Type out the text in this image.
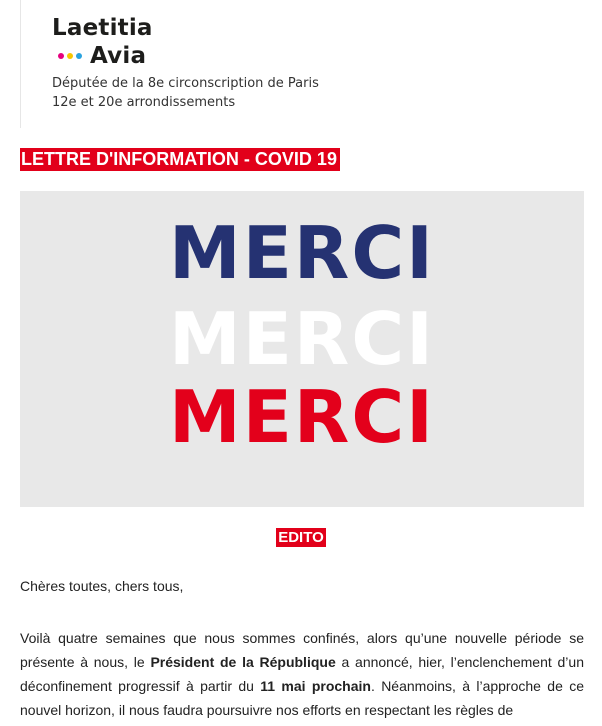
Laetitia
Avia
Députée de la 8e circonscription de Paris
12e et 20e arrondissements
LETTRE D'INFORMATION - COVID 19
MERCI
MERCI
MERCI
EDITO
Chères toutes, chers tous,
Voilà quatre semaines que nous sommes confinés, alors qu’une nouvelle période se présente à nous, le Président de la République a annoncé, hier, l’enclenchement d’un déconfinement progressif à partir du 11 mai prochain. Néanmoins, à l’approche de ce nouvel horizon, il nous faudra poursuivre nos efforts en respectant les règles de
